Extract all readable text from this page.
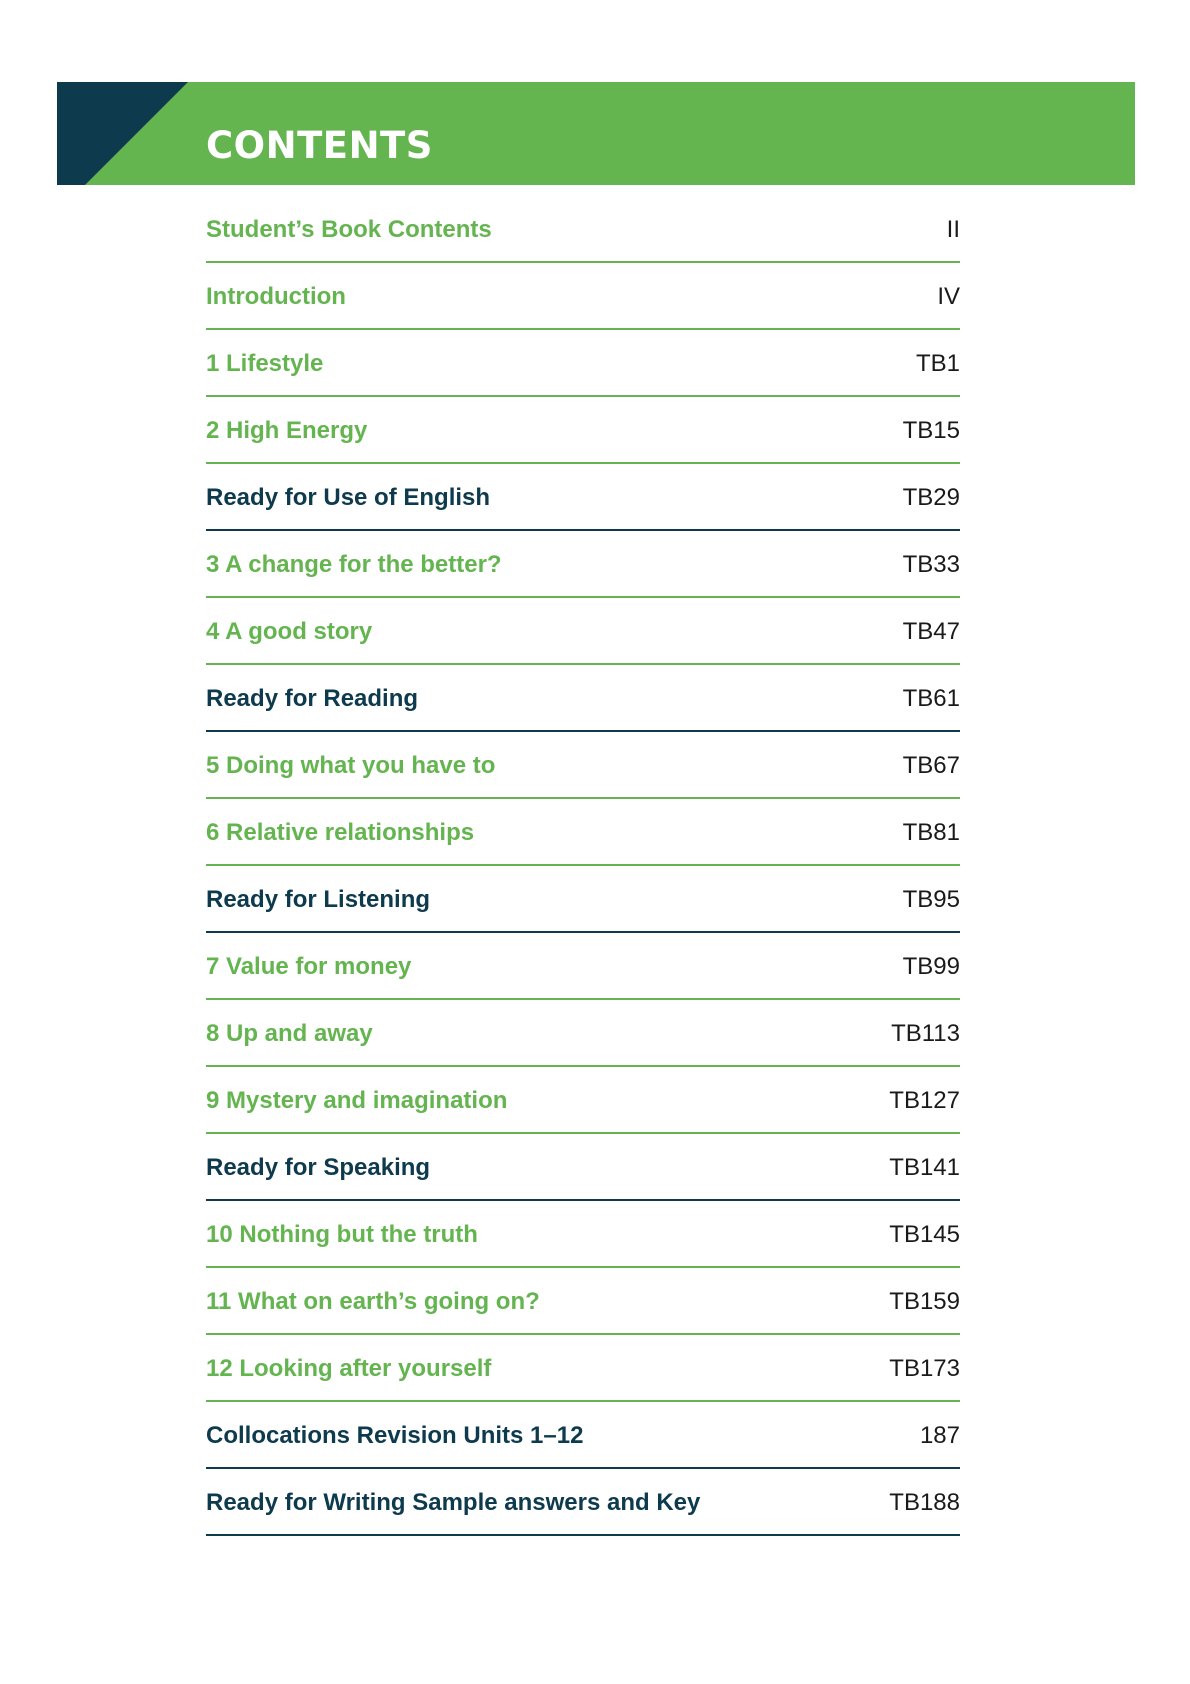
CONTENTS
Student’s Book Contents	II
Introduction	IV
1 Lifestyle	TB1
2 High Energy	TB15
Ready for Use of English	TB29
3 A change for the better?	TB33
4 A good story	TB47
Ready for Reading	TB61
5 Doing what you have to	TB67
6 Relative relationships	TB81
Ready for Listening	TB95
7 Value for money	TB99
8 Up and away	TB113
9 Mystery and imagination	TB127
Ready for Speaking	TB141
10 Nothing but the truth	TB145
11 What on earth’s going on?	TB159
12 Looking after yourself	TB173
Collocations Revision Units 1–12	187
Ready for Writing Sample answers and Key	TB188
